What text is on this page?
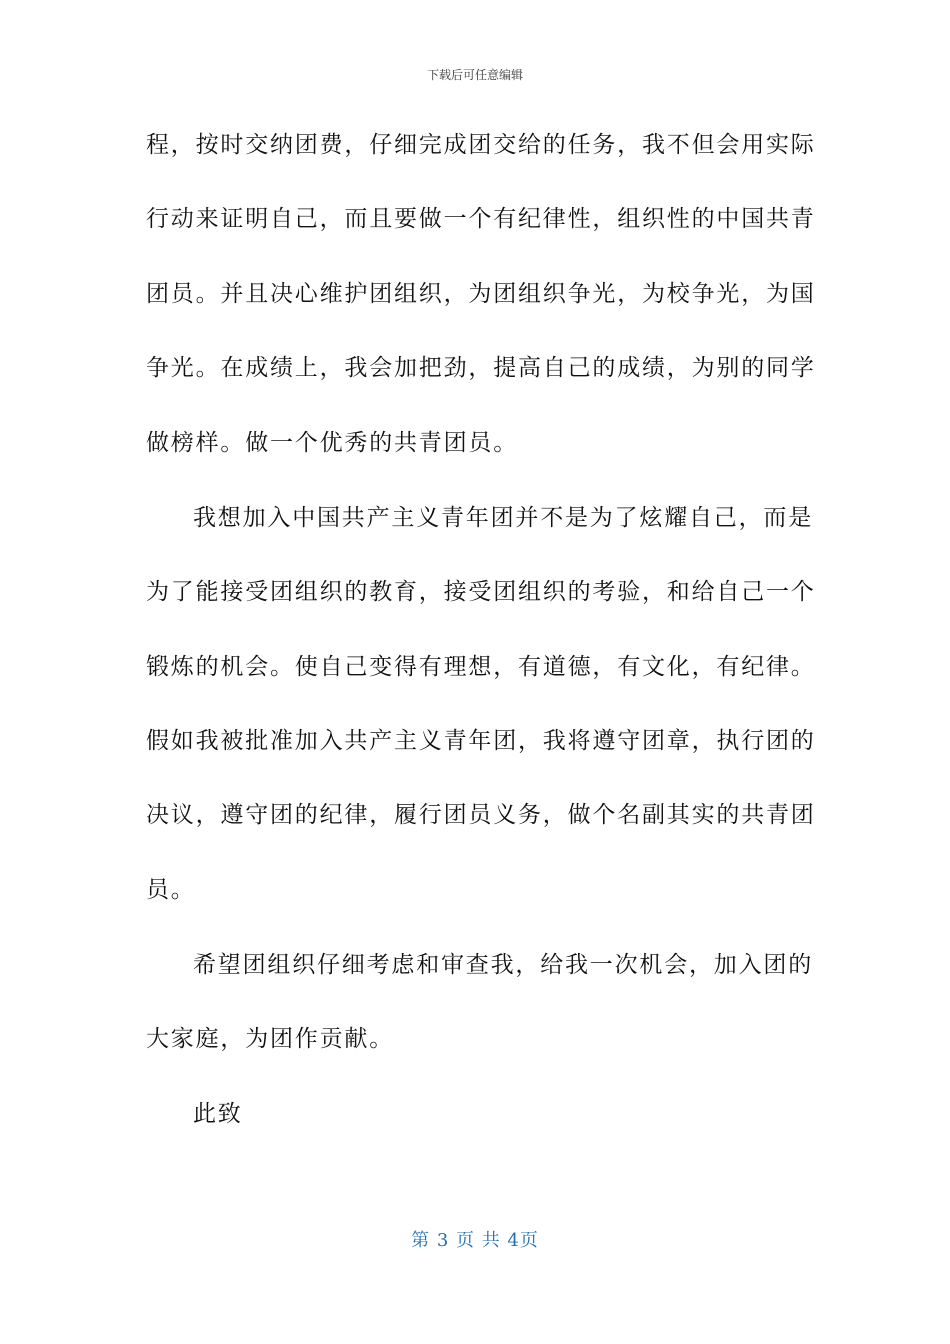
下载后可任意编辑
程，按时交纳团费，仔细完成团交给的任务，我不但会用实际
行动来证明自己，而且要做一个有纪律性，组织性的中国共青
团员。并且决心维护团组织，为团组织争光，为校争光，为国
争光。在成绩上，我会加把劲，提高自己的成绩，为别的同学
做榜样。做一个优秀的共青团员。
我想加入中国共产主义青年团并不是为了炫耀自己，而是
为了能接受团组织的教育，接受团组织的考验，和给自己一个
锻炼的机会。使自己变得有理想，有道德，有文化，有纪律。
假如我被批准加入共产主义青年团，我将遵守团章，执行团的
决议，遵守团的纪律，履行团员义务，做个名副其实的共青团
员。
希望团组织仔细考虑和审查我，给我一次机会，加入团的
大家庭，为团作贡献。
此致
第 3 页 共 4页
